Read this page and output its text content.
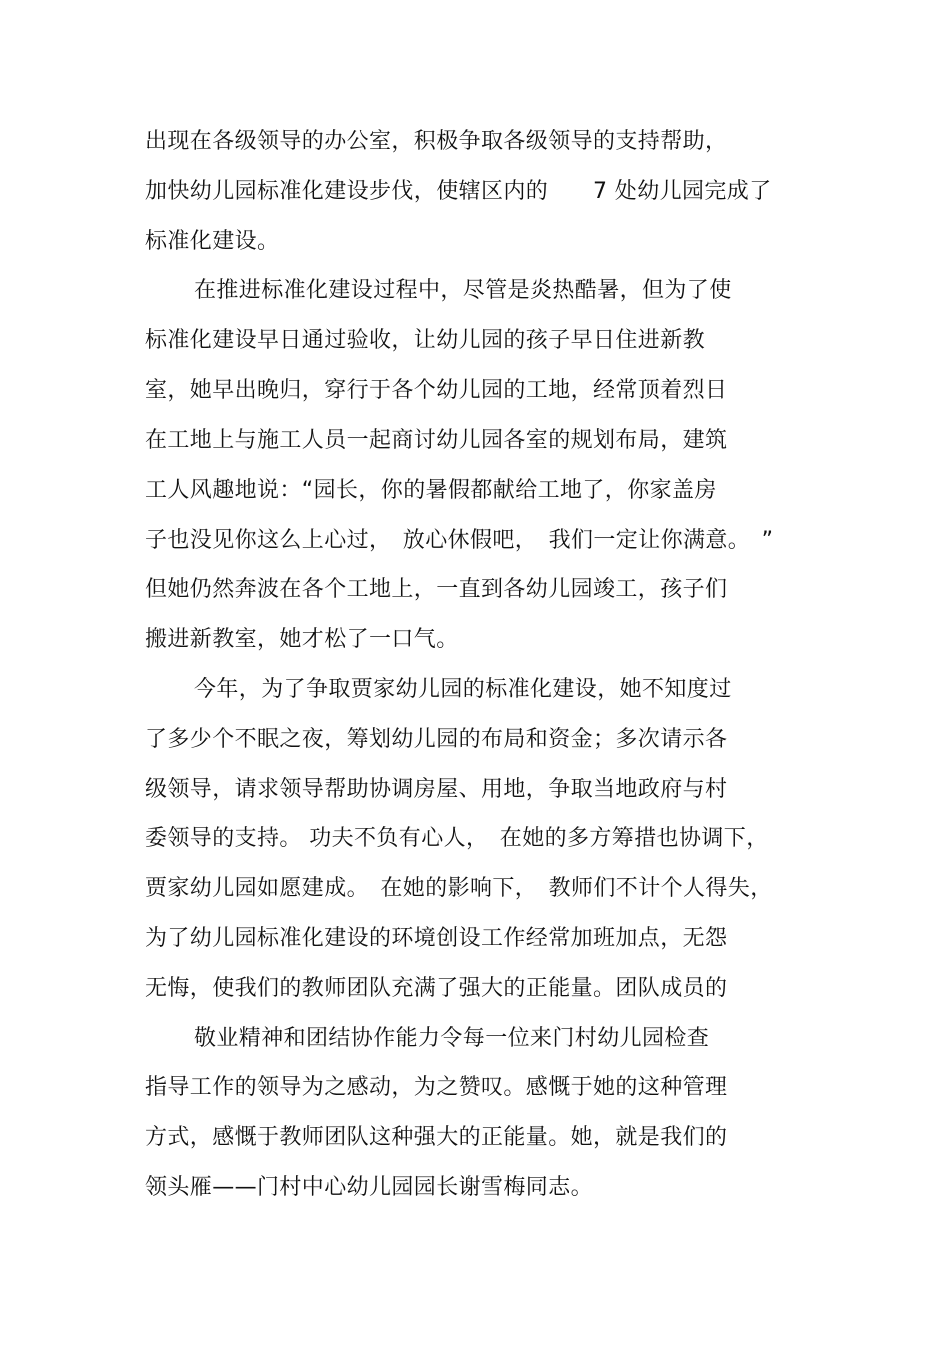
出现在各级领导的办公室，积极争取各级领导的支持帮助，
加快幼儿园标准化建设步伐，使辖区内的　　7 处幼儿园完成了
标准化建设。
在推进标准化建设过程中，尽管是炎热酷暑，但为了使
标准化建设早日通过验收，让幼儿园的孩子早日住进新教
室，她早出晚归，穿行于各个幼儿园的工地，经常顶着烈日
在工地上与施工人员一起商讨幼儿园各室的规划布局，建筑
工人风趣地说：“园长，你的暑假都献给工地了，你家盖房
子也没见你这么上心过，　放心休假吧，　我们一定让你满意。　”
但她仍然奔波在各个工地上，一直到各幼儿园竣工，孩子们
搬进新教室，她才松了一口气。
今年，为了争取贾家幼儿园的标准化建设，她不知度过
了多少个不眠之夜，筹划幼儿园的布局和资金；多次请示各
级领导，请求领导帮助协调房屋、用地，争取当地政府与村
委领导的支持。 功夫不负有心人，　在她的多方筹措也协调下，
贾家幼儿园如愿建成。　在她的影响下，　教师们不计个人得失，
为了幼儿园标准化建设的环境创设工作经常加班加点，无怨
无悔，使我们的教师团队充满了强大的正能量。团队成员的
敬业精神和团结协作能力令每一位来门村幼儿园检查
指导工作的领导为之感动，为之赞叹。感慨于她的这种管理
方式，感慨于教师团队这种强大的正能量。她，就是我们的
领头雁——门村中心幼儿园园长谢雪梅同志。
